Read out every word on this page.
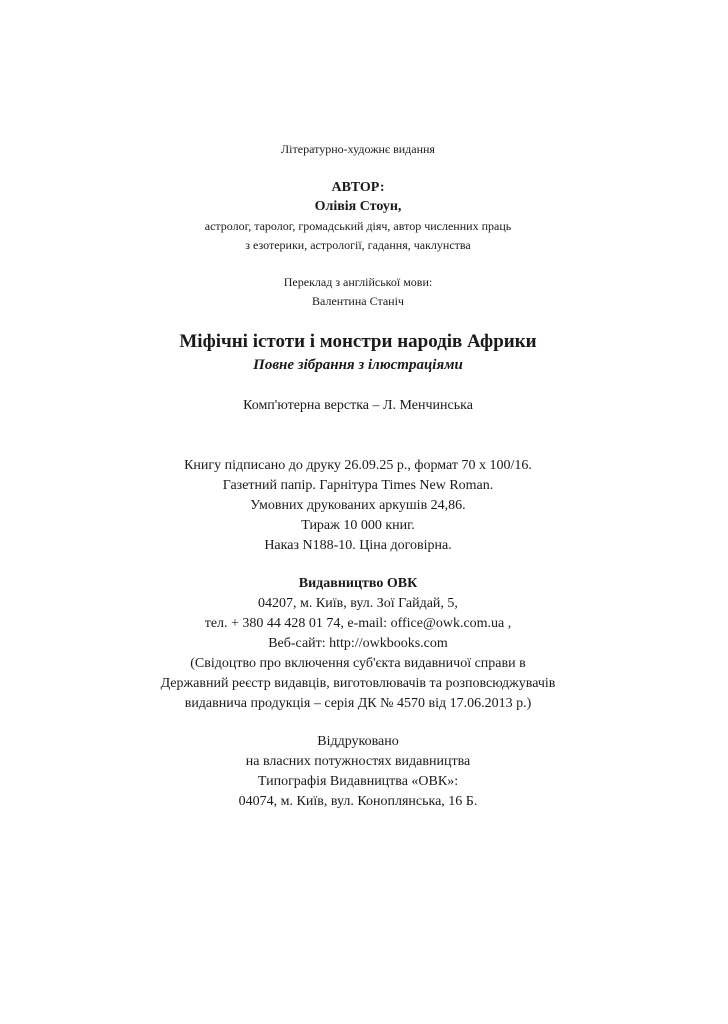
Літературно-художнє видання
АВТОР:
Олівія Стоун,
астролог, таролог, громадський діяч, автор численних праць
з езотерики, астрології, гадання, чаклунства
Переклад з англійської мови:
Валентина Станіч
Міфічні істоти і монстри народів Африки
Повне зібрання з ілюстраціями
Комп'ютерна верстка – Л. Менчинська
Книгу підписано до друку 26.09.25 р., формат 70 х 100/16.
Газетний папір. Гарнітура Times New Roman.
Умовних друкованих аркушів 24,86.
Тираж 10 000 книг.
Наказ N188-10. Ціна договірна.
Видавництво ОВК
04207, м. Київ, вул. Зої Гайдай, 5,
тел. + 380 44 428 01 74, e-mail: office@owk.com.ua ,
Веб-сайт: http://owkbooks.com
(Свідоцтво про включення суб'єкта видавничої справи в
Державний реєстр видавців, виготовлювачів та розповсюджувачів
видавнича продукція – серія ДК № 4570 від 17.06.2013 р.)
Віддруковано
на власних потужностях видавництва
Типографія Видавництва «ОВК»:
04074, м. Київ, вул. Коноплянська, 16 Б.
